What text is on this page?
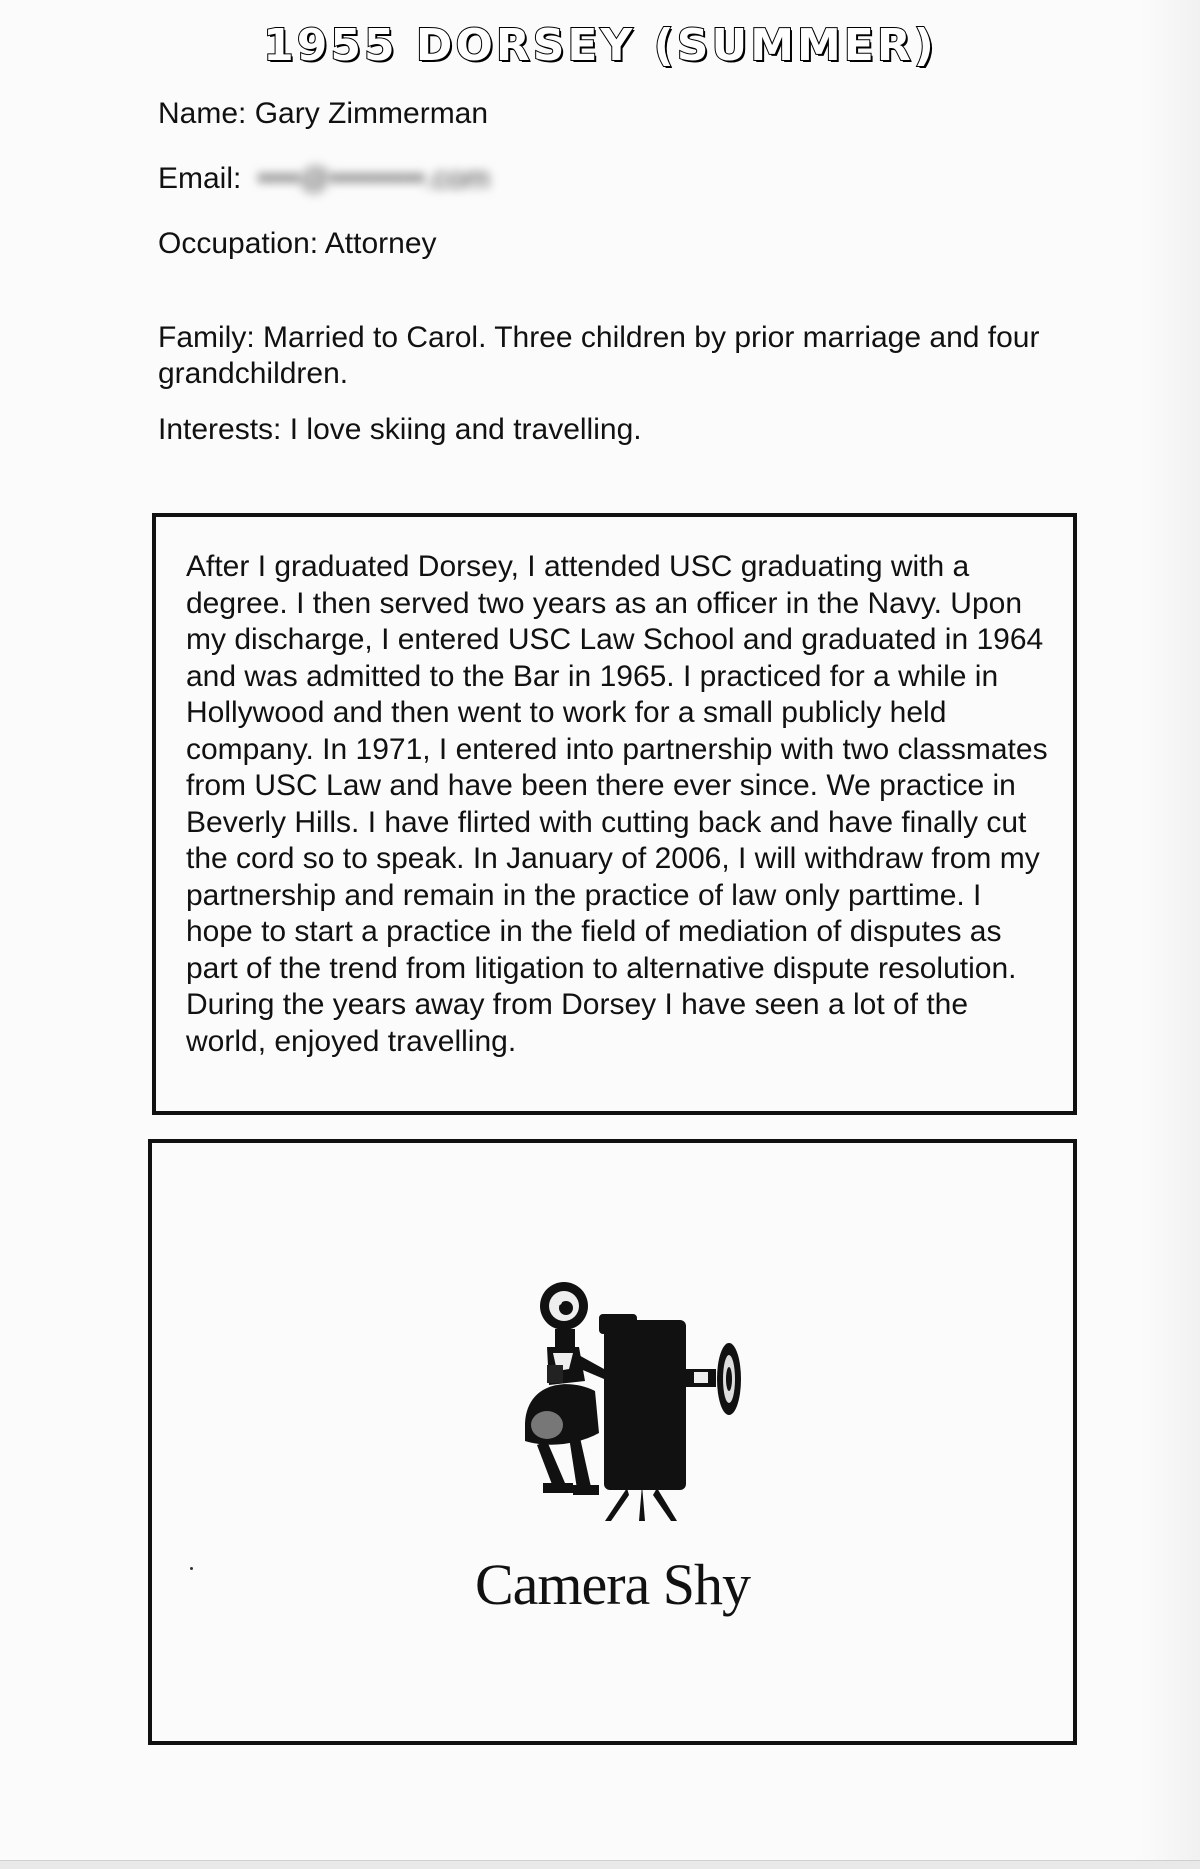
1955 DORSEY (SUMMER)
Name: Gary Zimmerman
Email: ••••@•••••••••.com
Occupation: Attorney
Family: Married to Carol. Three children by prior marriage and four grandchildren.
Interests: I love skiing and travelling.
After I graduated Dorsey, I attended USC graduating with a degree. I then served two years as an officer in the Navy. Upon my discharge, I entered USC Law School and graduated in 1964 and was admitted to the Bar in 1965. I practiced for a while in Hollywood and then went to work for a small publicly held company. In 1971, I entered into partnership with two classmates from USC Law and have been there ever since. We practice in Beverly Hills. I have flirted with cutting back and have finally cut the cord so to speak. In January of 2006, I will withdraw from my partnership and remain in the practice of law only parttime. I hope to start a practice in the field of mediation of disputes as part of the trend from litigation to alternative dispute resolution. During the years away from Dorsey I have seen a lot of the world, enjoyed travelling.
Camera Shy
